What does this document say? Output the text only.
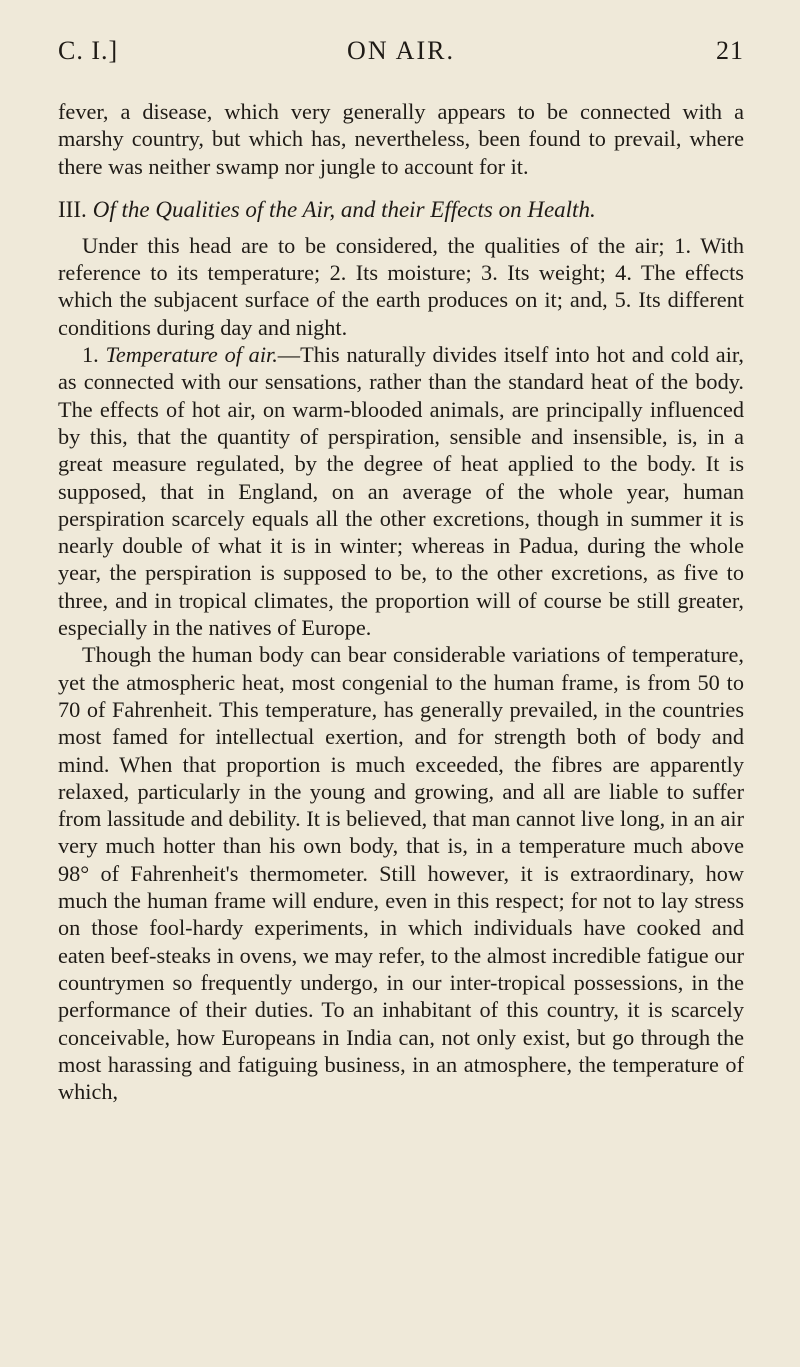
C. I.]	ON AIR.	21

fever, a disease, which very generally appears to be connected with a marshy country, but which has, nevertheless, been found to prevail, where there was neither swamp nor jungle to account for it.

III. Of the Qualities of the Air, and their Effects on Health.

Under this head are to be considered, the qualities of the air; 1. With reference to its temperature; 2. Its moisture; 3. Its weight; 4. The effects which the subjacent surface of the earth produces on it; and, 5. Its different conditions during day and night.

1. Temperature of air.—This naturally divides itself into hot and cold air, as connected with our sensations, rather than the standard heat of the body. The effects of hot air, on warm-blooded animals, are principally influenced by this, that the quantity of perspiration, sensible and insensible, is, in a great measure regulated, by the degree of heat applied to the body. It is supposed, that in England, on an average of the whole year, human perspiration scarcely equals all the other excretions, though in summer it is nearly double of what it is in winter; whereas in Padua, during the whole year, the perspiration is supposed to be, to the other excretions, as five to three, and in tropical climates, the proportion will of course be still greater, especially in the natives of Europe.

Though the human body can bear considerable variations of temperature, yet the atmospheric heat, most congenial to the human frame, is from 50 to 70 of Fahrenheit. This temperature, has generally prevailed, in the countries most famed for intellectual exertion, and for strength both of body and mind. When that proportion is much exceeded, the fibres are apparently relaxed, particularly in the young and growing, and all are liable to suffer from lassitude and debility. It is believed, that man cannot live long, in an air very much hotter than his own body, that is, in a temperature much above 98° of Fahrenheit's thermometer. Still however, it is extraordinary, how much the human frame will endure, even in this respect; for not to lay stress on those fool-hardy experiments, in which individuals have cooked and eaten beef-steaks in ovens, we may refer, to the almost incredible fatigue our countrymen so frequently undergo, in our inter-tropical possessions, in the performance of their duties. To an inhabitant of this country, it is scarcely conceivable, how Europeans in India can, not only exist, but go through the most harassing and fatiguing business, in an atmosphere, the temperature of which,
